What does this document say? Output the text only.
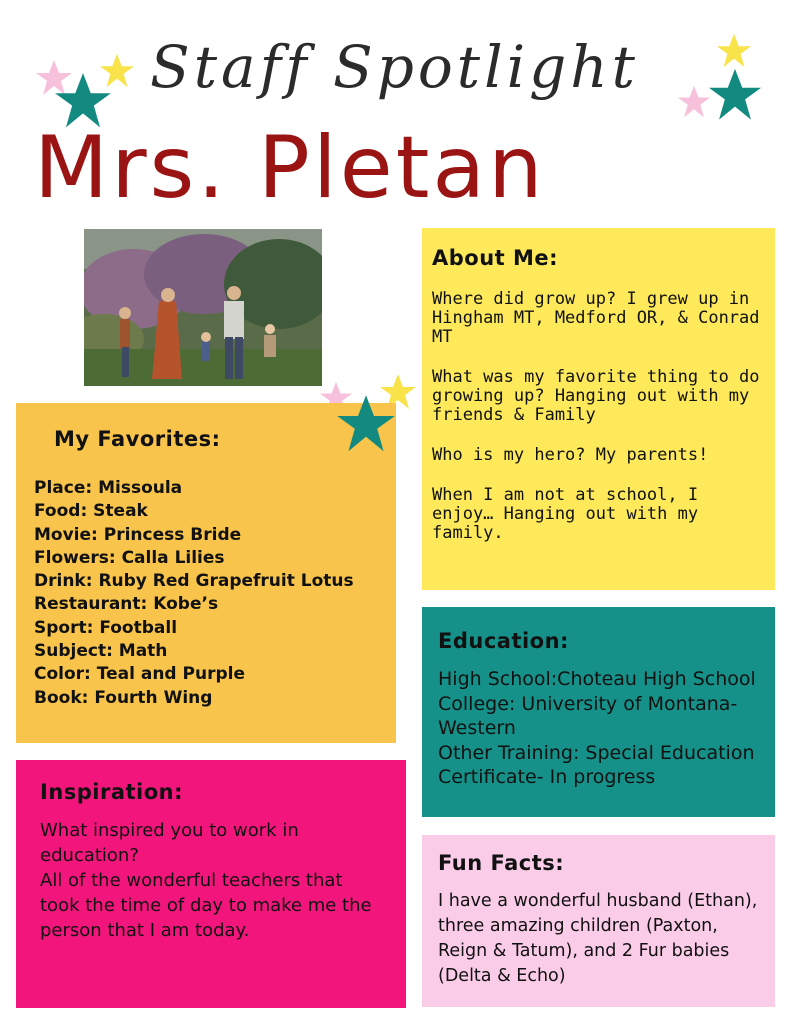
Staff Spotlight
Mrs. Pletan
About Me:
Where did grow up? I grew up in Hingham MT, Medford OR, & Conrad MT
What was my favorite thing to do growing up? Hanging out with my friends & Family
Who is my hero? My parents!
When I am not at school, I enjoy… Hanging out with my family.
My Favorites:
Place: Missoula
Food: Steak
Movie: Princess Bride
Flowers: Calla Lilies
Drink: Ruby Red Grapefruit Lotus
Restaurant: Kobe’s
Sport: Football
Subject: Math
Color: Teal and Purple
Book: Fourth Wing
Education:
High School:Choteau High School
College: University of Montana-Western
Other Training: Special Education Certificate- In progress
Inspiration:
What inspired you to work in education?
All of the wonderful teachers that took the time of day to make me the person that I am today.
Fun Facts:
I have a wonderful husband (Ethan), three amazing children (Paxton, Reign & Tatum), and 2 Fur babies (Delta & Echo)
